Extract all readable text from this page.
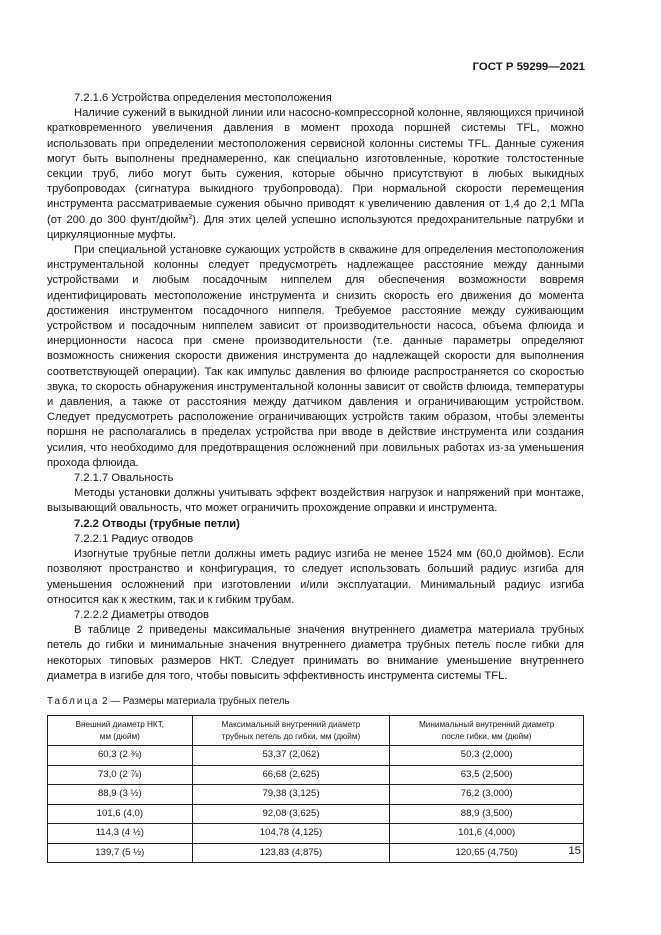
ГОСТ Р 59299—2021

7.2.1.6 Устройства определения местоположения

Наличие сужений в выкидной линии или насосно-компрессорной колонне, являющихся причиной кратковременного увеличения давления в момент прохода поршней системы TFL, можно использовать при определении местоположения сервисной колонны системы TFL. Данные сужения могут быть выполнены преднамеренно, как специально изготовленные, короткие толстостенные секции труб, либо могут быть сужения, которые обычно присутствуют в любых выкидных трубопроводах (сигнатура выкидного трубопровода). При нормальной скорости перемещения инструмента рассматриваемые сужения обычно приводят к увеличению давления от 1,4 до 2,1 МПа (от 200 до 300 фунт/дюйм$^2$). Для этих целей успешно используются предохранительные патрубки и циркуляционные муфты.

При специальной установке сужающих устройств в скважине для определения местоположения инструментальной колонны следует предусмотреть надлежащее расстояние между данными устройствами и любым посадочным ниппелем для обеспечения возможности вовремя идентифицировать местоположение инструмента и снизить скорость его движения до момента достижения инструментом посадочного ниппеля. Требуемое расстояние между суживающим устройством и посадочным ниппелем зависит от производительности насоса, объема флюида и инерционности насоса при смене производительности (т.е. данные параметры определяют возможность снижения скорости движения инструмента до надлежащей скорости для выполнения соответствующей операции). Так как импульс давления во флюиде распространяется со скоростью звука, то скорость обнаружения инструментальной колонны зависит от свойств флюида, температуры и давления, а также от расстояния между датчиком давления и ограничивающим устройством. Следует предусмотреть расположение ограничивающих устройств таким образом, чтобы элементы поршня не располагались в пределах устройства при вводе в действие инструмента или создания усилия, что необходимо для предотвращения осложнений при ловильных работах из-за уменьшения прохода флюида.

7.2.1.7 Овальность

Методы установки должны учитывать эффект воздействия нагрузок и напряжений при монтаже, вызывающий овальность, что может ограничить прохождение оправки и инструмента.

7.2.2 Отводы (трубные петли)

7.2.2.1 Радиус отводов

Изогнутые трубные петли должны иметь радиус изгиба не менее 1524 мм (60,0 дюймов). Если позволяют пространство и конфигурация, то следует использовать больший радиус изгиба для уменьшения осложнений при изготовлении и/или эксплуатации. Минимальный радиус изгиба относится как к жестким, так и к гибким трубам.

7.2.2.2 Диаметры отводов

В таблице 2 приведены максимальные значения внутреннего диаметра материала трубных петель до гибки и минимальные значения внутреннего диаметра трубных петель после гибки для некоторых типовых размеров НКТ. Следует принимать во внимание уменьшение внутреннего диаметра в изгибе для того, чтобы повысить эффективность инструмента системы TFL.

Таблица 2 — Размеры материала трубных петель

Внешний диаметр НКТ, мм (дюйм)	Максимальный внутренний диаметр трубных петель до гибки, мм (дюйм)	Минимальный внутренний диаметр после гибки, мм (дюйм)

60,3 (2 ⅜)	53,37 (2,062)	50,3 (2,000)
73,0 (2 ⅞)	66,68 (2,625)	63,5 (2,500)
88,9 (3 ½)	79,38 (3,125)	76,2 (3,000)
101,6 (4,0)	92,08 (3,625)	88,9 (3,500)
114,3 (4 ½)	104,78 (4,125)	101,6 (4,000)
139,7 (5 ½)	123,83 (4,875)	120,65 (4,750)	15
